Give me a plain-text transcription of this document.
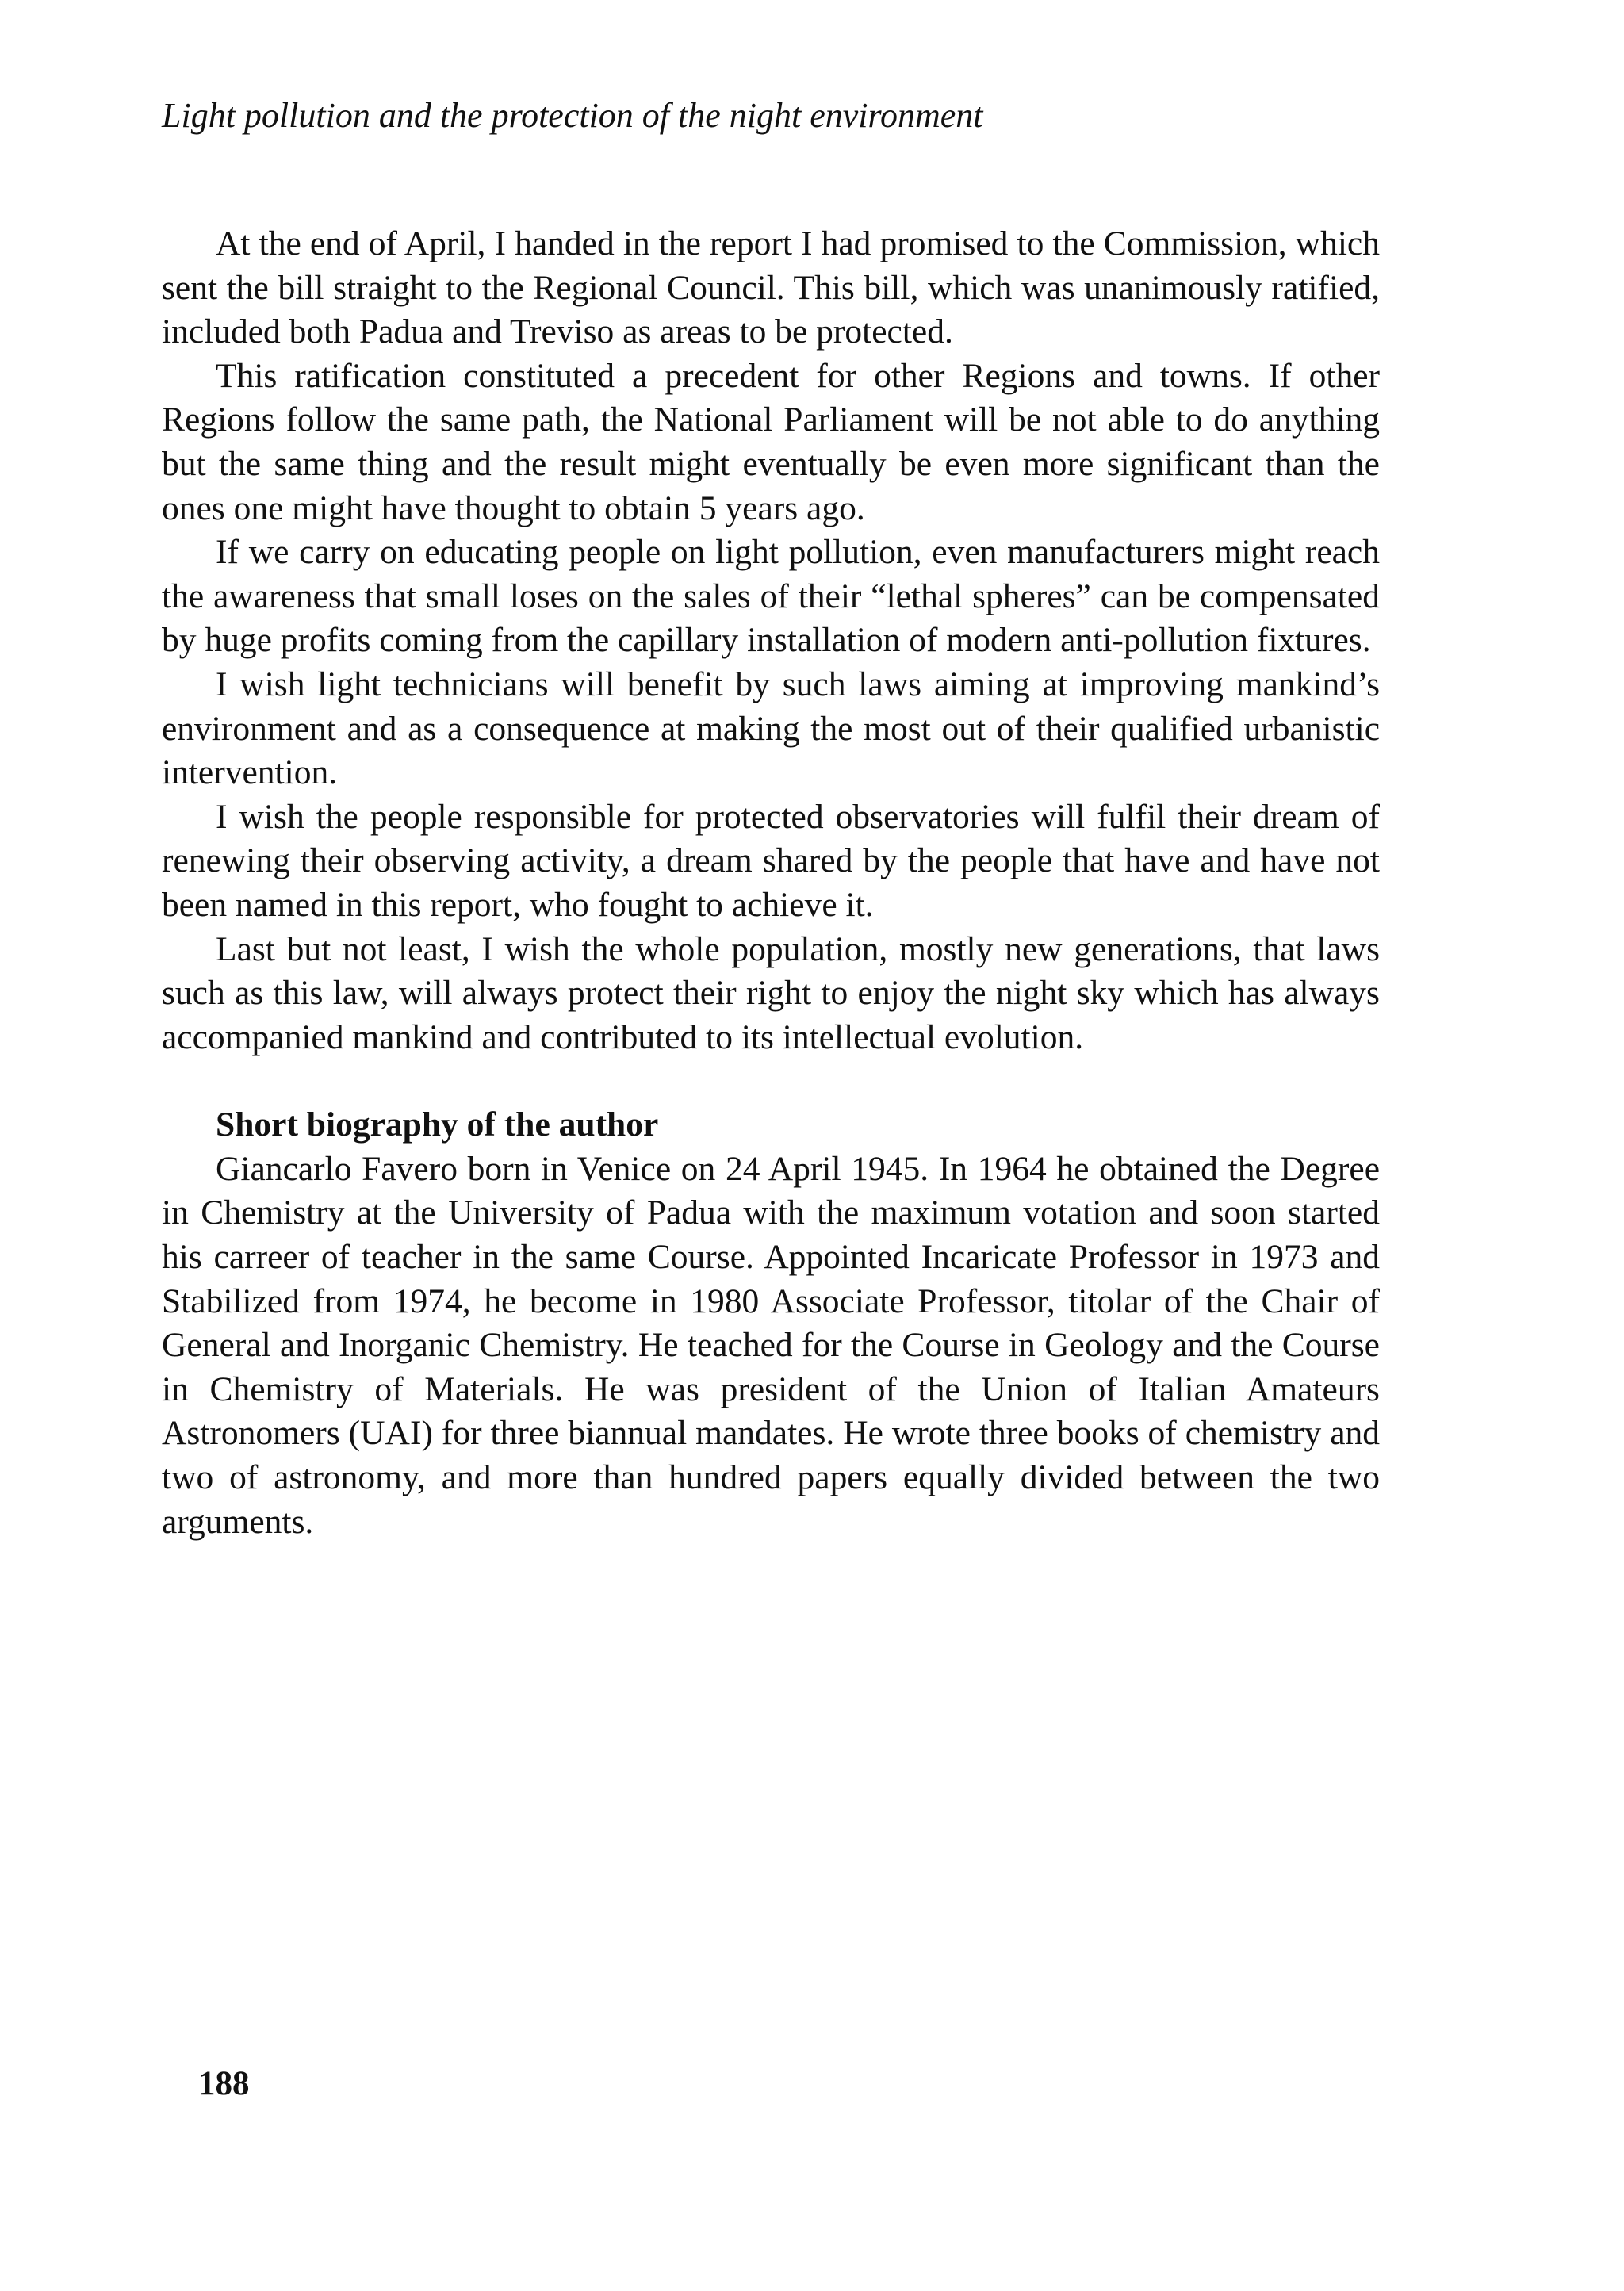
Light pollution and the protection of the night environment

At the end of April, I handed in the report I had promised to the Commission, which sent the bill straight to the Regional Council. This bill, which was unanimously ratified, included both Padua and Treviso as areas to be protected.

This ratification constituted a precedent for other Regions and towns. If other Regions follow the same path, the National Parliament will be not able to do anything but the same thing and the result might eventually be even more significant than the ones one might have thought to obtain 5 years ago.

If we carry on educating people on light pollution, even manufacturers might reach the awareness that small loses on the sales of their “lethal spheres” can be compensated by huge profits coming from the capillary installation of modern anti-pollution fixtures.

I wish light technicians will benefit by such laws aiming at improving mankind’s environment and as a consequence at making the most out of their qualified urbanistic intervention.

I wish the people responsible for protected observatories will fulfil their dream of renewing their observing activity, a dream shared by the people that have and have not been named in this report, who fought to achieve it.

Last but not least, I wish the whole population, mostly new generations, that laws such as this law, will always protect their right to enjoy the night sky which has always accompanied mankind and contributed to its intellectual evolution.

Short biography of the author

Giancarlo Favero born in Venice on 24 April 1945. In 1964 he obtained the Degree in Chemistry at the University of Padua with the maximum votation and soon started his carreer of teacher in the same Course. Appointed Incaricate Professor in 1973 and Stabilized from 1974, he become in 1980 Associate Professor, titolar of the Chair of General and Inorganic Chemistry. He teached for the Course in Geology and the Course in Chemistry of Materials. He was president of the Union of Italian Amateurs Astronomers (UAI) for three biannual mandates. He wrote three books of chemistry and two of astronomy, and more than hundred papers equally divided between the two arguments.

188
